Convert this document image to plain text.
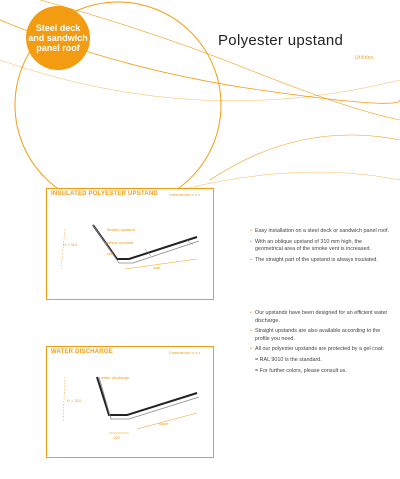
Steel deck
and sandwich
panel roof	Polyester upstand
Utilities
INSULATED POLYESTER UPSTAND	Dimensions: x x x
H = 310
flexible upstand
oblique upstand
slot
slab
WATER DISCHARGE	Dimensions: x x x
H = 310
water discharge
100
slope
• Easy installation on a steel deck or sandwich panel roof.
• With an oblique upstand of 310 mm high, the geometrical area of the smoke vent is increased.
• The straight part of the upstand is always insulated.
• Our upstands have been designed for an efficient water discharge.
• Straight upstands are also available according to the profile you need.
• All our polyester upstands are protected by a gel coat:
= RAL 9010 is the standard.
= For further colors, please consult us.
